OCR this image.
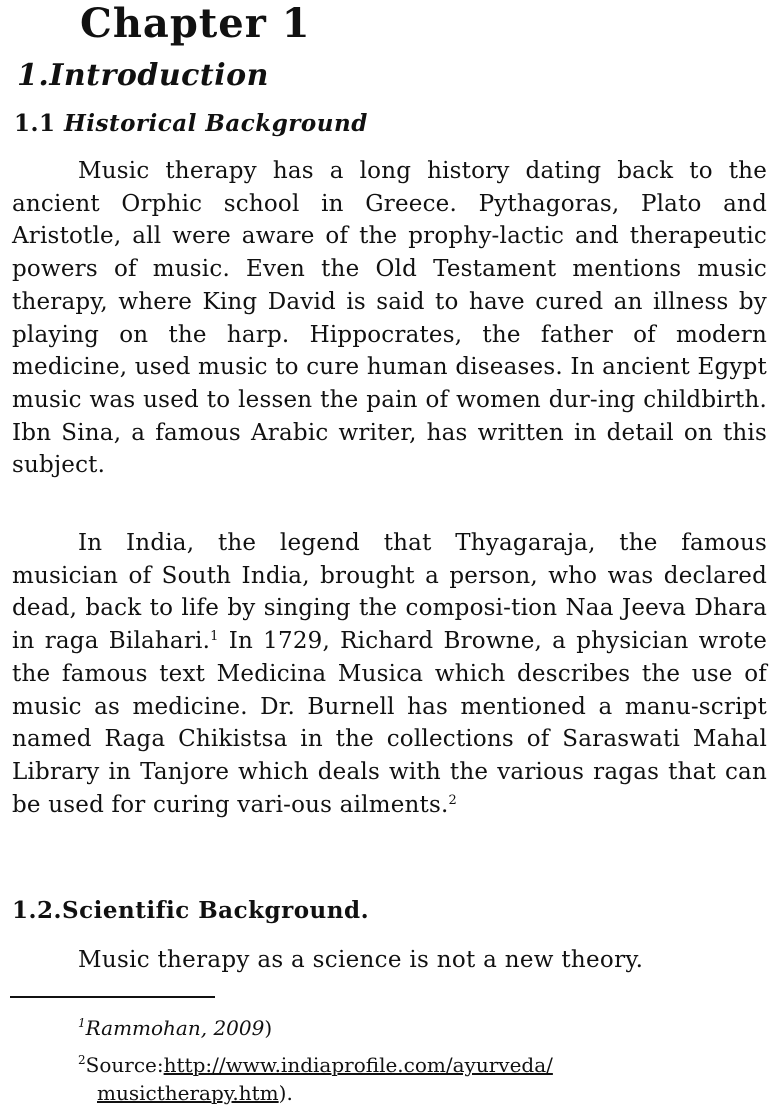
Chapter 1
1.Introduction
1.1 Historical Background
Music therapy has a long history dating back to the ancient Orphic school in Greece. Pythagoras, Plato and Aristotle, all were aware of the prophy-lactic and therapeutic powers of music. Even the Old Testament mentions music therapy, where King David is said to have cured an illness by playing on the harp. Hippocrates, the father of modern medicine, used music to cure human diseases. In ancient Egypt music was used to lessen the pain of women dur-ing childbirth. Ibn Sina, a famous Arabic writer, has written in detail on this subject.
In India, the legend that Thyagaraja, the famous musician of South India, brought a person, who was declared dead, back to life by singing the composi-tion Naa Jeeva Dhara in raga Bilahari.$^1$ In 1729, Richard Browne, a physician wrote the famous text Medicina Musica which describes the use of music as medicine. Dr. Burnell has mentioned a manu-script named Raga Chikistsa in the collections of Saraswati Mahal Library in Tanjore which deals with the various ragas that can be used for curing vari-ous ailments.$^2$
1.2.Scientific Background.
Music therapy as a science is not a new theory.
$^1$Rammohan, 2009)
$^2$Source:http://www.indiaprofile.com/ayurveda/
musictherapy.htm).
